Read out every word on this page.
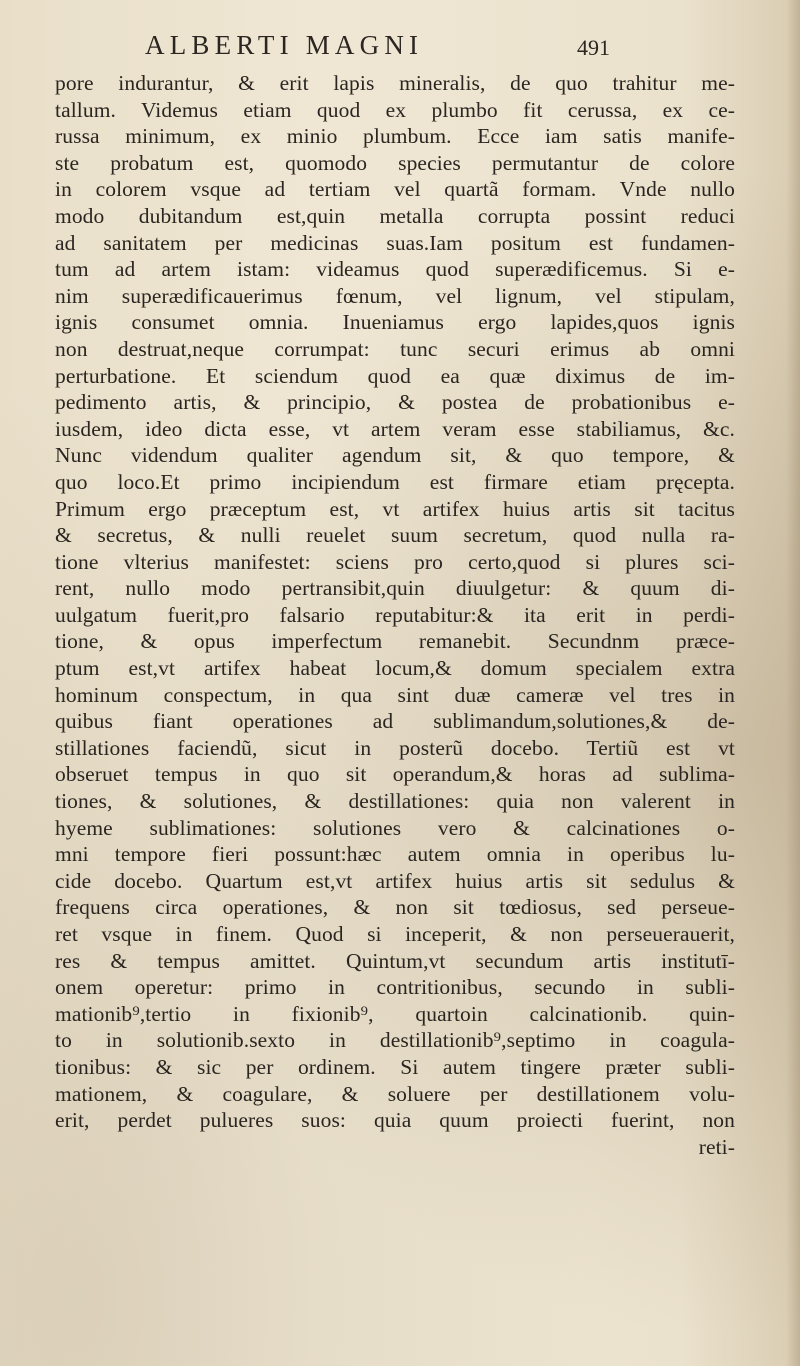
ALBERTI MAGNI	491
pore indurantur, & erit lapis mineralis, de quo trahitur me-
tallum. Videmus etiam quod ex plumbo fit cerussa, ex ce-
russa minimum, ex minio plumbum. Ecce iam satis manife-
ste probatum est, quomodo species permutantur de colore
in colorem vsque ad tertiam vel quartã formam. Vnde nullo
modo dubitandum est,quin metalla corrupta possint reduci
ad sanitatem per medicinas suas.Iam positum est fundamen-
tum ad artem istam: videamus quod superædificemus. Si e-
nim superædificauerimus fœnum, vel lignum, vel stipulam,
ignis consumet omnia. Inueniamus ergo lapides,quos ignis
non destruat,neque corrumpat: tunc securi erimus ab omni
perturbatione. Et sciendum quod ea quæ diximus de im-
pedimento artis, & principio, & postea de probationibus e-
iusdem, ideo dicta esse, vt artem veram esse stabiliamus, &c.
Nunc videndum qualiter agendum sit, & quo tempore, &
quo loco.Et primo incipiendum est firmare etiam pręcepta.
Primum ergo præceptum est, vt artifex huius artis sit tacitus
& secretus, & nulli reuelet suum secretum, quod nulla ra-
tione vlterius manifestet: sciens pro certo,quod si plures sci-
rent, nullo modo pertransibit,quin diuulgetur: & quum di-
uulgatum fuerit,pro falsario reputabitur:& ita erit in perdi-
tione, & opus imperfectum remanebit. Secundnm præce-
ptum est,vt artifex habeat locum,& domum specialem extra
hominum conspectum, in qua sint duæ cameræ vel tres in
quibus fiant operationes ad sublimandum,solutiones,& de-
stillationes faciendũ, sicut in posterũ docebo. Tertiũ est vt
obseruet tempus in quo sit operandum,& horas ad sublima-
tiones, & solutiones, & destillationes: quia non valerent in
hyeme sublimationes: solutiones vero & calcinationes o-
mni tempore fieri possunt:hæc autem omnia in operibus lu-
cide docebo. Quartum est,vt artifex huius artis sit sedulus &
frequens circa operationes, & non sit tœdiosus, sed perseue-
ret vsque in finem. Quod si inceperit, & non perseuerauerit,
res & tempus amittet. Quintum,vt secundum artis institutī-
onem operetur: primo in contritionibus, secundo in subli-
mationib⁹,tertio in fixionib⁹, quartoin calcinationib. quin-
to in solutionib.sexto in destillationib⁹,septimo in coagula-
tionibus: & sic per ordinem. Si autem tingere præter subli-
mationem, & coagulare, & soluere per destillationem volu-
erit, perdet pulueres suos: quia quum proiecti fuerint, non
reti-
